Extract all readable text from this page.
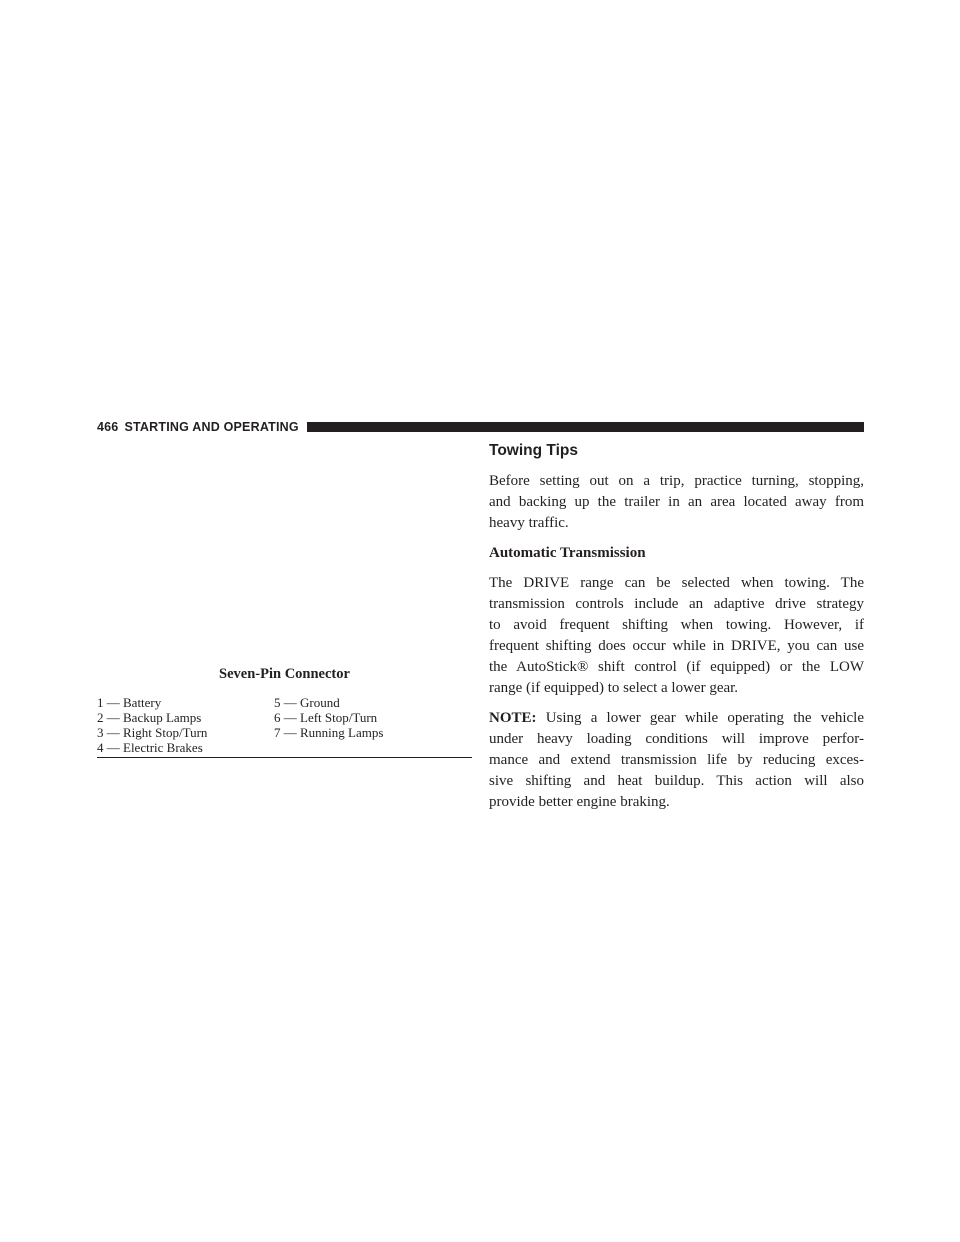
466 STARTING AND OPERATING
Seven-Pin Connector
1 — Battery	5 — Ground
2 — Backup Lamps	6 — Left Stop/Turn
3 — Right Stop/Turn	7 — Running Lamps
4 — Electric Brakes
Towing Tips

Before setting out on a trip, practice turning, stopping,
and backing up the trailer in an area located away from
heavy traffic.

Automatic Transmission

The DRIVE range can be selected when towing. The
transmission controls include an adaptive drive strategy
to avoid frequent shifting when towing. However, if
frequent shifting does occur while in DRIVE, you can use
the AutoStick® shift control (if equipped) or the LOW
range (if equipped) to select a lower gear.

NOTE: Using a lower gear while operating the vehicle
under heavy loading conditions will improve perfor-
mance and extend transmission life by reducing exces-
sive shifting and heat buildup. This action will also
provide better engine braking.
